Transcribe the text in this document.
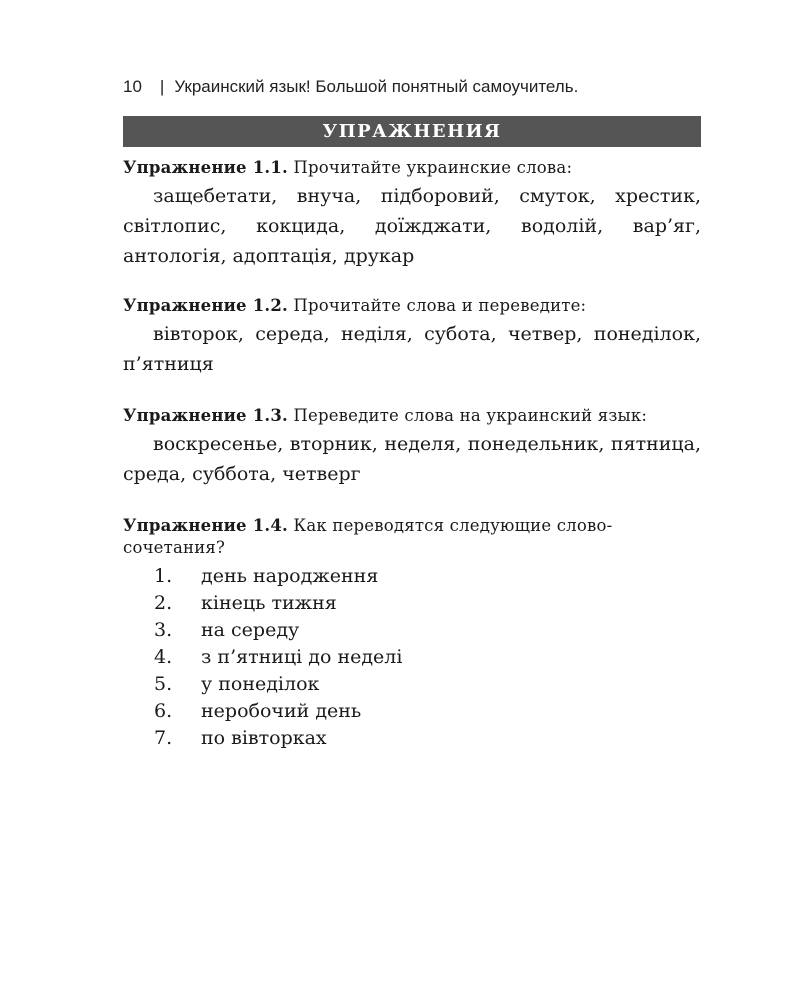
10 | Украинский язык! Большой понятный самоучитель.
УПРАЖНЕНИЯ
Упражнение 1.1. Прочитайте украинские слова:
защебетати, внуча, підборовий, смуток, хрестик, світлопис, кокцида, доїжджати, водолій, вар’яг, антологія, адоптація, друкар
Упражнение 1.2. Прочитайте слова и переведите:
вівторок, середа, неділя, субота, четвер, понеділок, п’ятниця
Упражнение 1.3. Переведите слова на украинский язык:
воскресенье, вторник, неделя, понедельник, пятница, среда, суббота, четверг
Упражнение 1.4. Как переводятся следующие словосочетания?
1.	день народження
2.	кінець тижня
3.	на середу
4.	з п’ятниці до неделі
5.	у понеділок
6.	неробочий день
7.	по вівторках
